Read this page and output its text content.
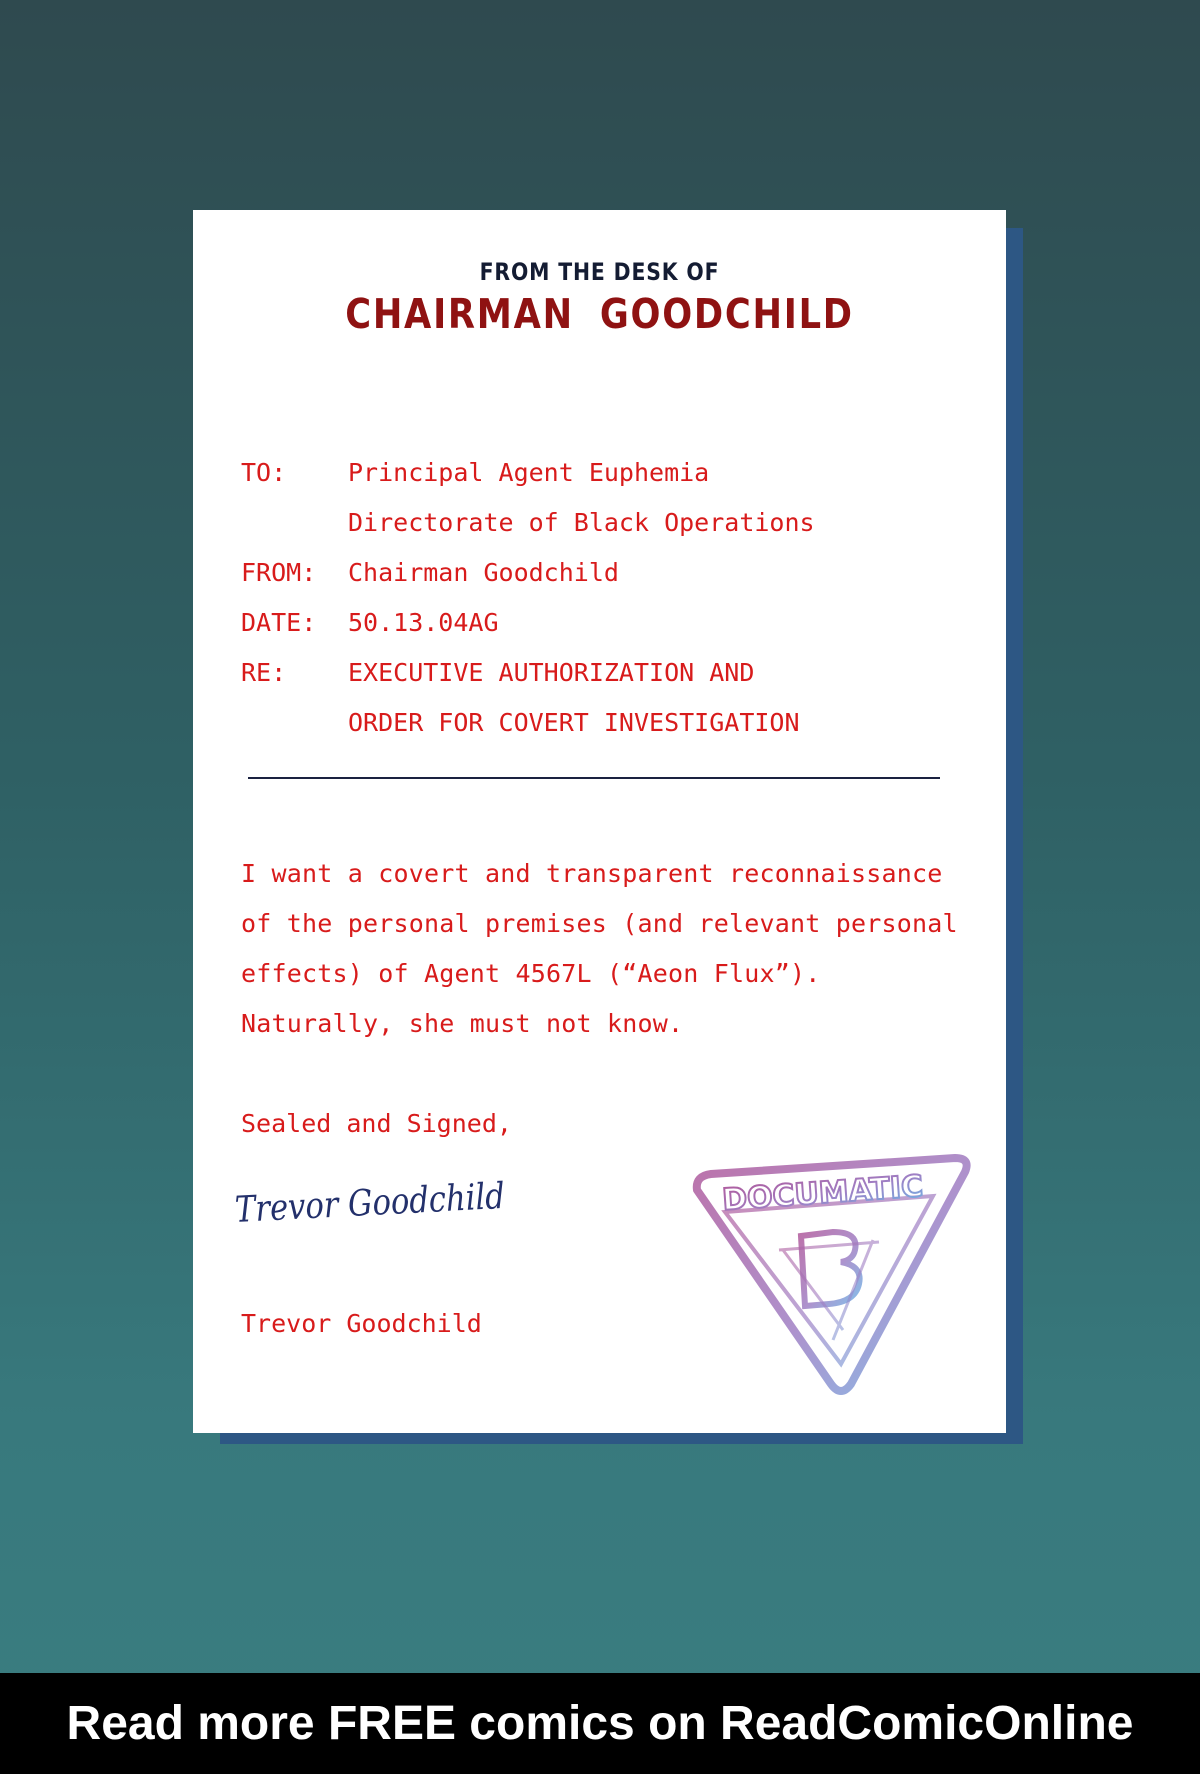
FROM THE DESK OF
CHAIRMAN GOODCHILD
TO: Principal Agent Euphemia
Directorate of Black Operations
FROM: Chairman Goodchild
DATE: 50.13.04AG
RE: EXECUTIVE AUTHORIZATION AND
ORDER FOR COVERT INVESTIGATION
I want a covert and transparent reconnaissance
of the personal premises (and relevant personal
effects) of Agent 4567L (“Aeon Flux”).
Naturally, she must not know.
Sealed and Signed,
Trevor Goodchild
Trevor Goodchild
DOCUMATIC
Read more FREE comics on ReadComicOnline
